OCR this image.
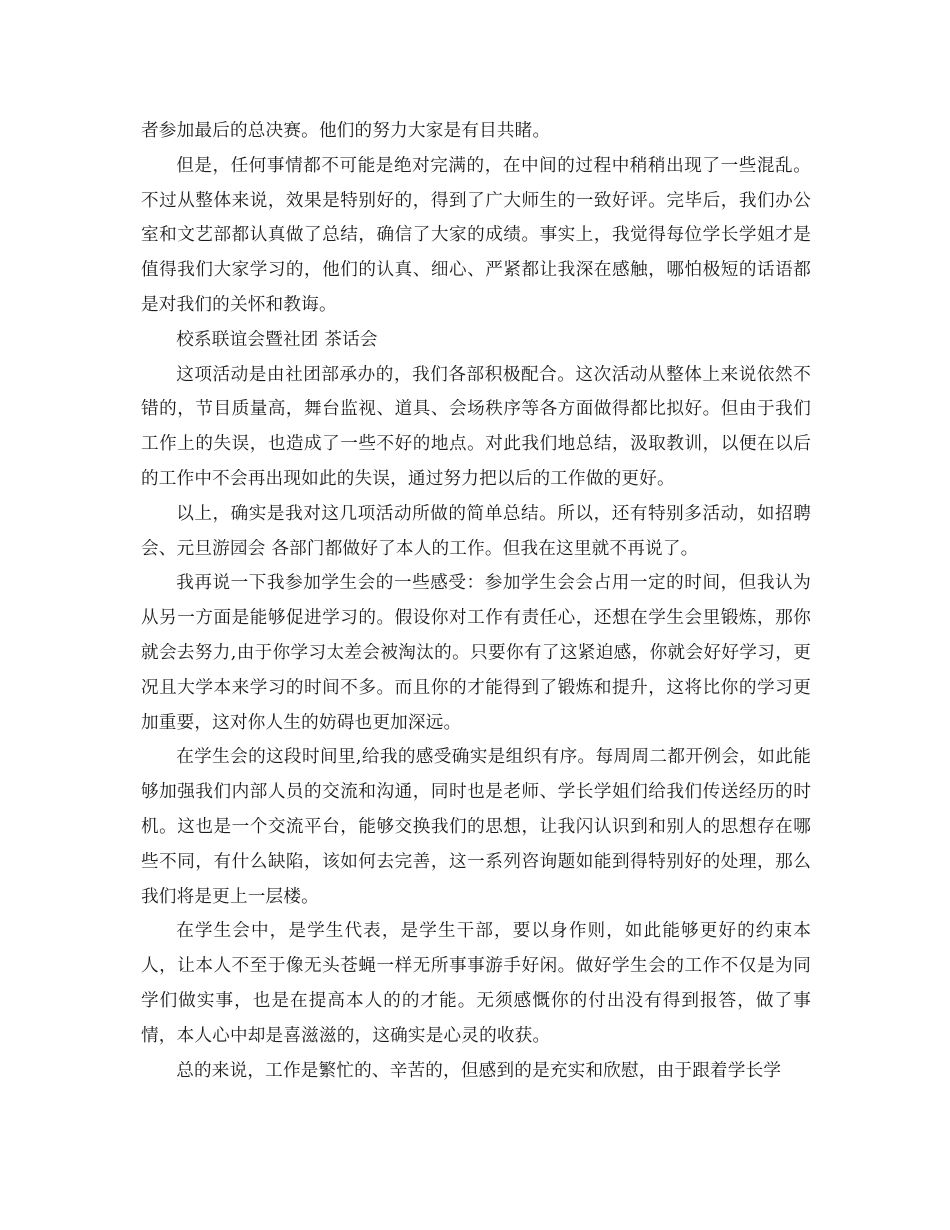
者参加最后的总决赛。他们的努力大家是有目共睹。

但是，任何事情都不可能是绝对完满的，在中间的过程中稍稍出现了一些混乱。不过从整体来说，效果是特别好的，得到了广大师生的一致好评。完毕后，我们办公室和文艺部都认真做了总结，确信了大家的成绩。事实上，我觉得每位学长学姐才是值得我们大家学习的，他们的认真、细心、严紧都让我深在感触，哪怕极短的话语都是对我们的关怀和教诲。

校系联谊会暨社团 茶话会

这项活动是由社团部承办的，我们各部积极配合。这次活动从整体上来说依然不错的，节目质量高，舞台监视、道具、会场秩序等各方面做得都比拟好。但由于我们工作上的失误，也造成了一些不好的地点。对此我们地总结，汲取教训，以便在以后的工作中不会再出现如此的失误，通过努力把以后的工作做的更好。

以上，确实是我对这几项活动所做的简单总结。所以，还有特别多活动，如招聘会、元旦游园会 各部门都做好了本人的工作。但我在这里就不再说了。

我再说一下我参加学生会的一些感受：参加学生会会占用一定的时间，但我认为从另一方面是能够促进学习的。假设你对工作有责任心，还想在学生会里锻炼，那你就会去努力,由于你学习太差会被淘汰的。只要你有了这紧迫感，你就会好好学习，更况且大学本来学习的时间不多。而且你的才能得到了锻炼和提升，这将比你的学习更加重要，这对你人生的妨碍也更加深远。

在学生会的这段时间里,给我的感受确实是组织有序。每周周二都开例会，如此能够加强我们内部人员的交流和沟通，同时也是老师、学长学姐们给我们传送经历的时机。这也是一个交流平台，能够交换我们的思想，让我闪认识到和别人的思想存在哪些不同，有什么缺陷，该如何去完善，这一系列咨询题如能到得特别好的处理，那么我们将是更上一层楼。

在学生会中，是学生代表，是学生干部，要以身作则，如此能够更好的约束本人，让本人不至于像无头苍蝇一样无所事事游手好闲。做好学生会的工作不仅是为同学们做实事，也是在提高本人的的才能。无须感慨你的付出没有得到报答，做了事情，本人心中却是喜滋滋的，这确实是心灵的收获。

总的来说，工作是繁忙的、辛苦的，但感到的是充实和欣慰，由于跟着学长学
